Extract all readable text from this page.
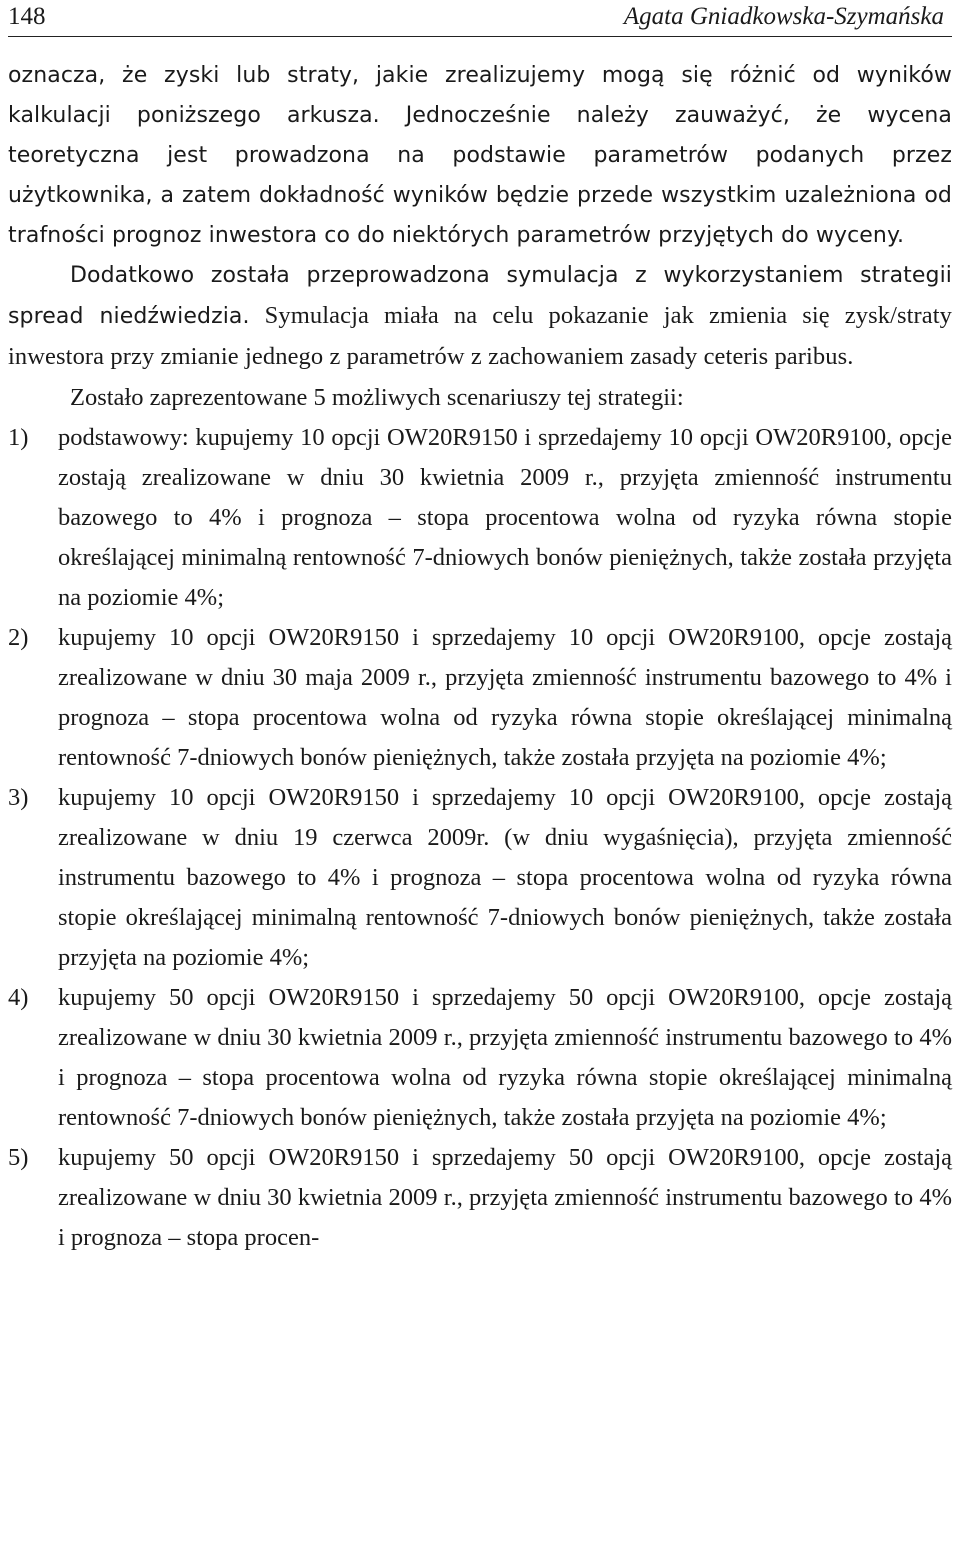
148	Agata Gniadkowska-Szymańska

oznacza, że zyski lub straty, jakie zrealizujemy mogą się różnić od wyników kalkulacji poniższego arkusza. Jednocześnie należy zauważyć, że wycena teoretyczna jest prowadzona na podstawie parametrów podanych przez użytkownika, a zatem dokładność wyników będzie przede wszystkim uzależniona od trafności prognoz inwestora co do niektórych parametrów przyjętych do wyceny.

Dodatkowo została przeprowadzona symulacja z wykorzystaniem strategii spread niedźwiedzia. Symulacja miała na celu pokazanie jak zmienia się zysk/straty inwestora przy zmianie jednego z parametrów z zachowaniem zasady ceteris paribus.

Zostało zaprezentowane 5 możliwych scenariuszy tej strategii:

1) podstawowy: kupujemy 10 opcji OW20R9150 i sprzedajemy 10 opcji OW20R9100, opcje zostają zrealizowane w dniu 30 kwietnia 2009 r., przyjęta zmienność instrumentu bazowego to 4% i prognoza – stopa procentowa wolna od ryzyka równa stopie określającej minimalną rentowność 7-dniowych bonów pieniężnych, także została przyjęta na poziomie 4%;
2) kupujemy 10 opcji OW20R9150 i sprzedajemy 10 opcji OW20R9100, opcje zostają zrealizowane w dniu 30 maja 2009 r., przyjęta zmienność instrumentu bazowego to 4% i prognoza – stopa procentowa wolna od ryzyka równa stopie określającej minimalną rentowność 7-dniowych bonów pieniężnych, także została przyjęta na poziomie 4%;
3) kupujemy 10 opcji OW20R9150 i sprzedajemy 10 opcji OW20R9100, opcje zostają zrealizowane w dniu 19 czerwca 2009r. (w dniu wygaśnięcia), przyjęta zmienność instrumentu bazowego to 4% i prognoza – stopa procentowa wolna od ryzyka równa stopie określającej minimalną rentowność 7-dniowych bonów pieniężnych, także została przyjęta na poziomie 4%;
4) kupujemy 50 opcji OW20R9150 i sprzedajemy 50 opcji OW20R9100, opcje zostają zrealizowane w dniu 30 kwietnia 2009 r., przyjęta zmienność instrumentu bazowego to 4% i prognoza – stopa procentowa wolna od ryzyka równa stopie określającej minimalną rentowność 7-dniowych bonów pieniężnych, także została przyjęta na poziomie 4%;
5) kupujemy 50 opcji OW20R9150 i sprzedajemy 50 opcji OW20R9100, opcje zostają zrealizowane w dniu 30 kwietnia 2009 r., przyjęta zmienność instrumentu bazowego to 4% i prognoza – stopa procen-
